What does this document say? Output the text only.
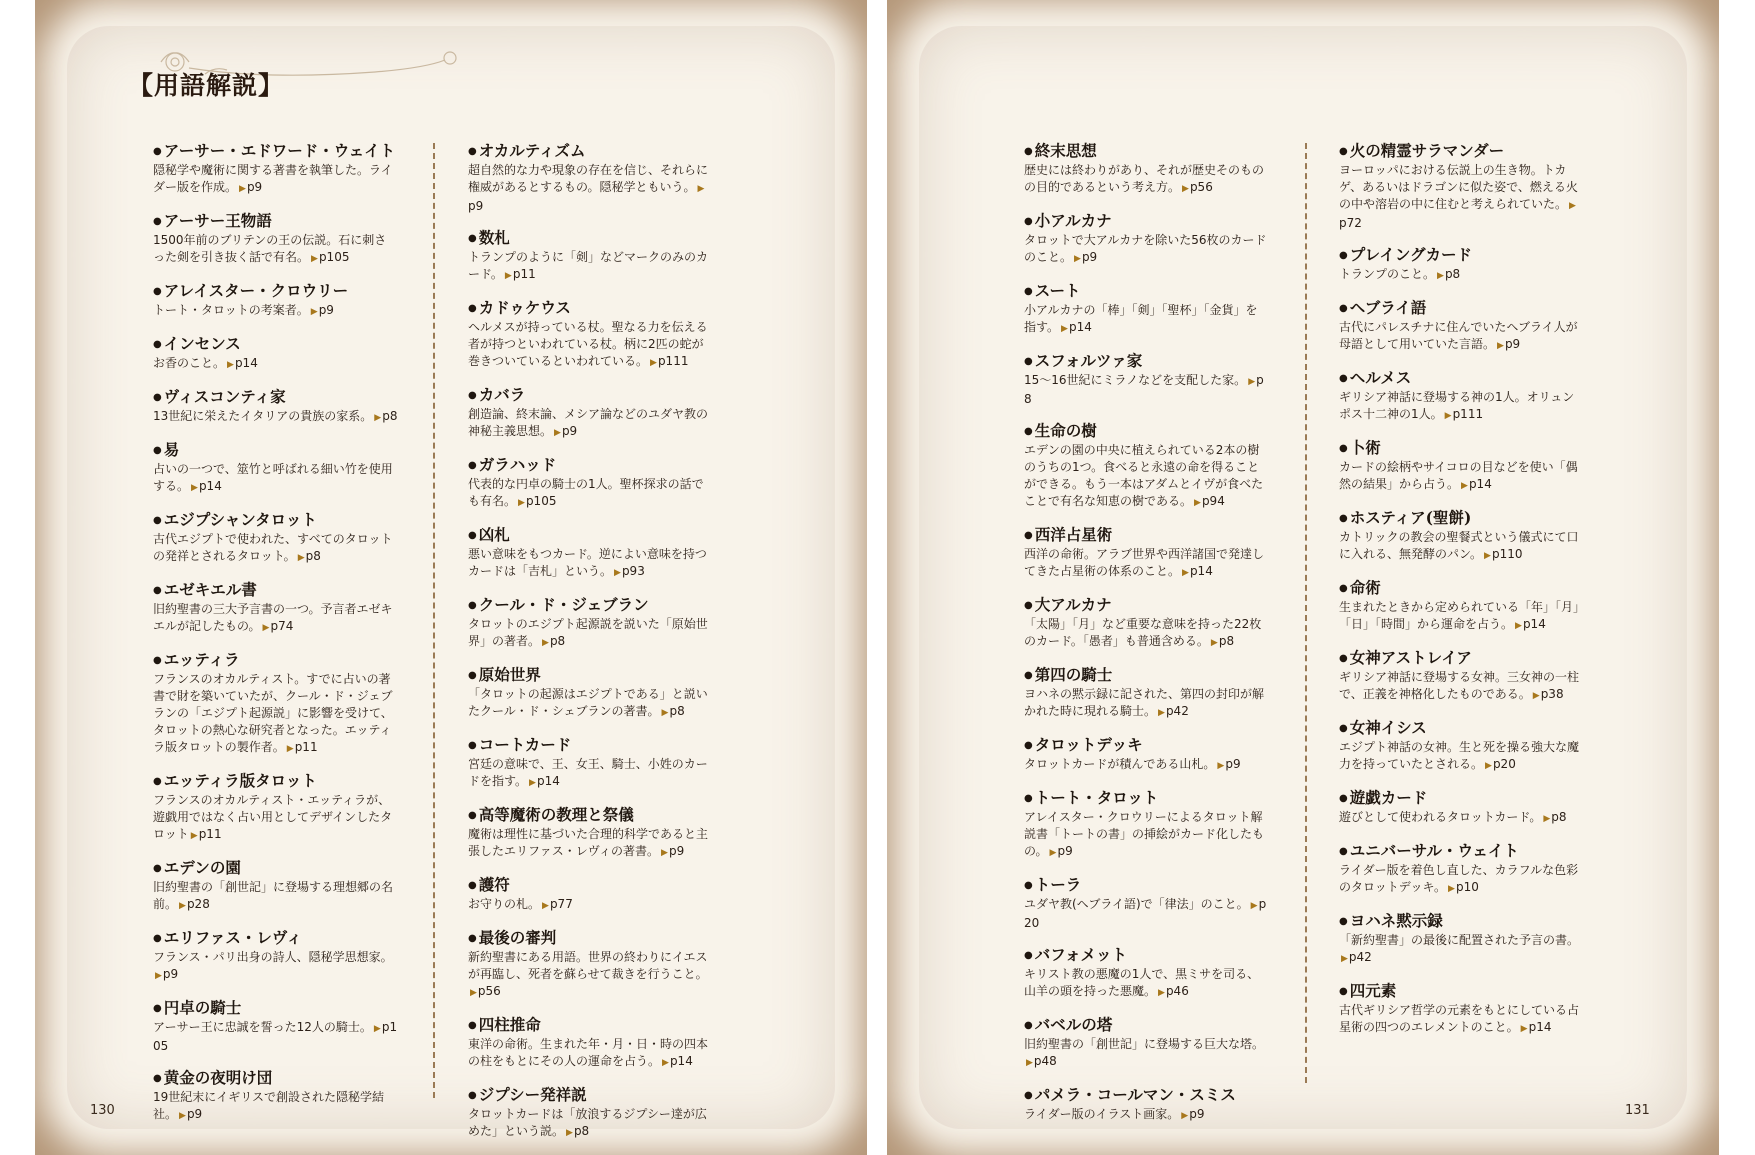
【用語解説】
● アーサー・エドワード・ウェイト
隠秘学や魔術に関する著書を執筆した。ライダー版を作成。 ▶ p9
● アーサー王物語
1500年前のブリテンの王の伝説。石に刺さった剣を引き抜く話で有名。 ▶ p105
● アレイスター・クロウリー
トート・タロットの考案者。 ▶ p9
● インセンス
お香のこと。 ▶ p14
● ヴィスコンティ家
13世紀に栄えたイタリアの貴族の家系。 ▶ p8
● 易
占いの一つで、筮竹と呼ばれる細い竹を使用する。 ▶ p14
● エジプシャンタロット
古代エジプトで使われた、すべてのタロットの発祥とされるタロット。 ▶ p8
● エゼキエル書
旧約聖書の三大予言書の一つ。予言者エゼキエルが記したもの。 ▶ p74
● エッティラ
フランスのオカルティスト。すでに占いの著書で財を築いていたが、クール・ド・ジェブランの「エジプト起源説」に影響を受けて、タロットの熱心な研究者となった。エッティラ版タロットの製作者。 ▶ p11
● エッティラ版タロット
フランスのオカルティスト・エッティラが、遊戯用ではなく占い用としてデザインしたタロット ▶ p11
● エデンの園
旧約聖書の「創世記」に登場する理想郷の名前。 ▶ p28
● エリファス・レヴィ
フランス・パリ出身の詩人、隠秘学思想家。▶ p9
● 円卓の騎士
アーサー王に忠誠を誓った12人の騎士。 ▶ p105
● 黄金の夜明け団
19世紀末にイギリスで創設された隠秘学結社。 ▶ p9
● オカルティズム
超自然的な力や現象の存在を信じ、それらに権威があるとするもの。隠秘学ともいう。▶ p9
● 数札
トランプのように「剣」などマークのみのカード。 ▶ p11
● カドゥケウス
ヘルメスが持っている杖。聖なる力を伝える者が持つといわれている杖。柄に2匹の蛇が巻きついているといわれている。 ▶ p111
● カバラ
創造論、終末論、メシア論などのユダヤ教の神秘主義思想。 ▶ p9
● ガラハッド
代表的な円卓の騎士の1人。聖杯探求の話でも有名。 ▶ p105
● 凶札
悪い意味をもつカード。逆によい意味を持つカードは「吉札」という。 ▶ p93
● クール・ド・ジェブラン
タロットのエジプト起源説を説いた「原始世界」の著者。 ▶ p8
● 原始世界
「タロットの起源はエジプトである」と説いたクール・ド・シェブランの著書。 ▶ p8
● コートカード
宮廷の意味で、王、女王、騎士、小姓のカードを指す。 ▶ p14
● 高等魔術の教理と祭儀
魔術は理性に基づいた合理的科学であると主張したエリファス・レヴィの著書。 ▶ p9
● 護符
お守りの札。 ▶ p77
● 最後の審判
新約聖書にある用語。世界の終わりにイエスが再臨し、死者を蘇らせて裁きを行うこと。▶ p56
● 四柱推命
東洋の命術。生まれた年・月・日・時の四本の柱をもとにその人の運命を占う。 ▶ p14
● ジプシー発祥説
タロットカードは「放浪するジプシー達が広めた」という説。 ▶ p8
130
● 終末思想
歴史には終わりがあり、それが歴史そのものの目的であるという考え方。 ▶ p56
● 小アルカナ
タロットで大アルカナを除いた56枚のカードのこと。 ▶ p9
● スート
小アルカナの「棒」「剣」「聖杯」「金貨」を指す。 ▶ p14
● スフォルツァ家
15〜16世紀にミラノなどを支配した家。 ▶ p8
● 生命の樹
エデンの園の中央に植えられている2本の樹のうちの1つ。食べると永遠の命を得ることができる。もう一本はアダムとイヴが食べたことで有名な知恵の樹である。 ▶ p94
● 西洋占星術
西洋の命術。アラブ世界や西洋諸国で発達してきた占星術の体系のこと。 ▶ p14
● 大アルカナ
「太陽」「月」など重要な意味を持った22枚のカード。「愚者」も普通含める。 ▶ p8
● 第四の騎士
ヨハネの黙示録に記された、第四の封印が解かれた時に現れる騎士。 ▶ p42
● タロットデッキ
タロットカードが積んである山札。 ▶ p9
● トート・タロット
アレイスター・クロウリーによるタロット解説書「トートの書」の挿絵がカード化したもの。 ▶ p9
● トーラ
ユダヤ教(ヘブライ語)で「律法」のこと。 ▶ p20
● バフォメット
キリスト教の悪魔の1人で、黒ミサを司る、山羊の頭を持った悪魔。 ▶ p46
● バベルの塔
旧約聖書の「創世記」に登場する巨大な塔。▶ p48
● パメラ・コールマン・スミス
ライダー版のイラスト画家。 ▶ p9
● 火の精霊サラマンダー
ヨーロッパにおける伝説上の生き物。トカゲ、あるいはドラゴンに似た姿で、燃える火の中や溶岩の中に住むと考えられていた。▶ p72
● プレイングカード
トランプのこと。 ▶ p8
● ヘブライ語
古代にパレスチナに住んでいたヘブライ人が母語として用いていた言語。 ▶ p9
● ヘルメス
ギリシア神話に登場する神の1人。オリュンポス十二神の1人。 ▶ p111
● 卜術
カードの絵柄やサイコロの目などを使い「偶然の結果」から占う。 ▶ p14
● ホスティア(聖餅)
カトリックの教会の聖餐式という儀式にて口に入れる、無発酵のパン。 ▶ p110
● 命術
生まれたときから定められている「年」「月」「日」「時間」から運命を占う。 ▶ p14
● 女神アストレイア
ギリシア神話に登場する女神。三女神の一柱で、正義を神格化したものである。 ▶ p38
● 女神イシス
エジプト神話の女神。生と死を操る強大な魔力を持っていたとされる。 ▶ p20
● 遊戯カード
遊びとして使われるタロットカード。 ▶ p8
● ユニバーサル・ウェイト
ライダー版を着色し直した、カラフルな色彩のタロットデッキ。 ▶ p10
● ヨハネ黙示録
「新約聖書」の最後に配置された予言の書。▶ p42
● 四元素
古代ギリシア哲学の元素をもとにしている占星術の四つのエレメントのこと。 ▶ p14
131
